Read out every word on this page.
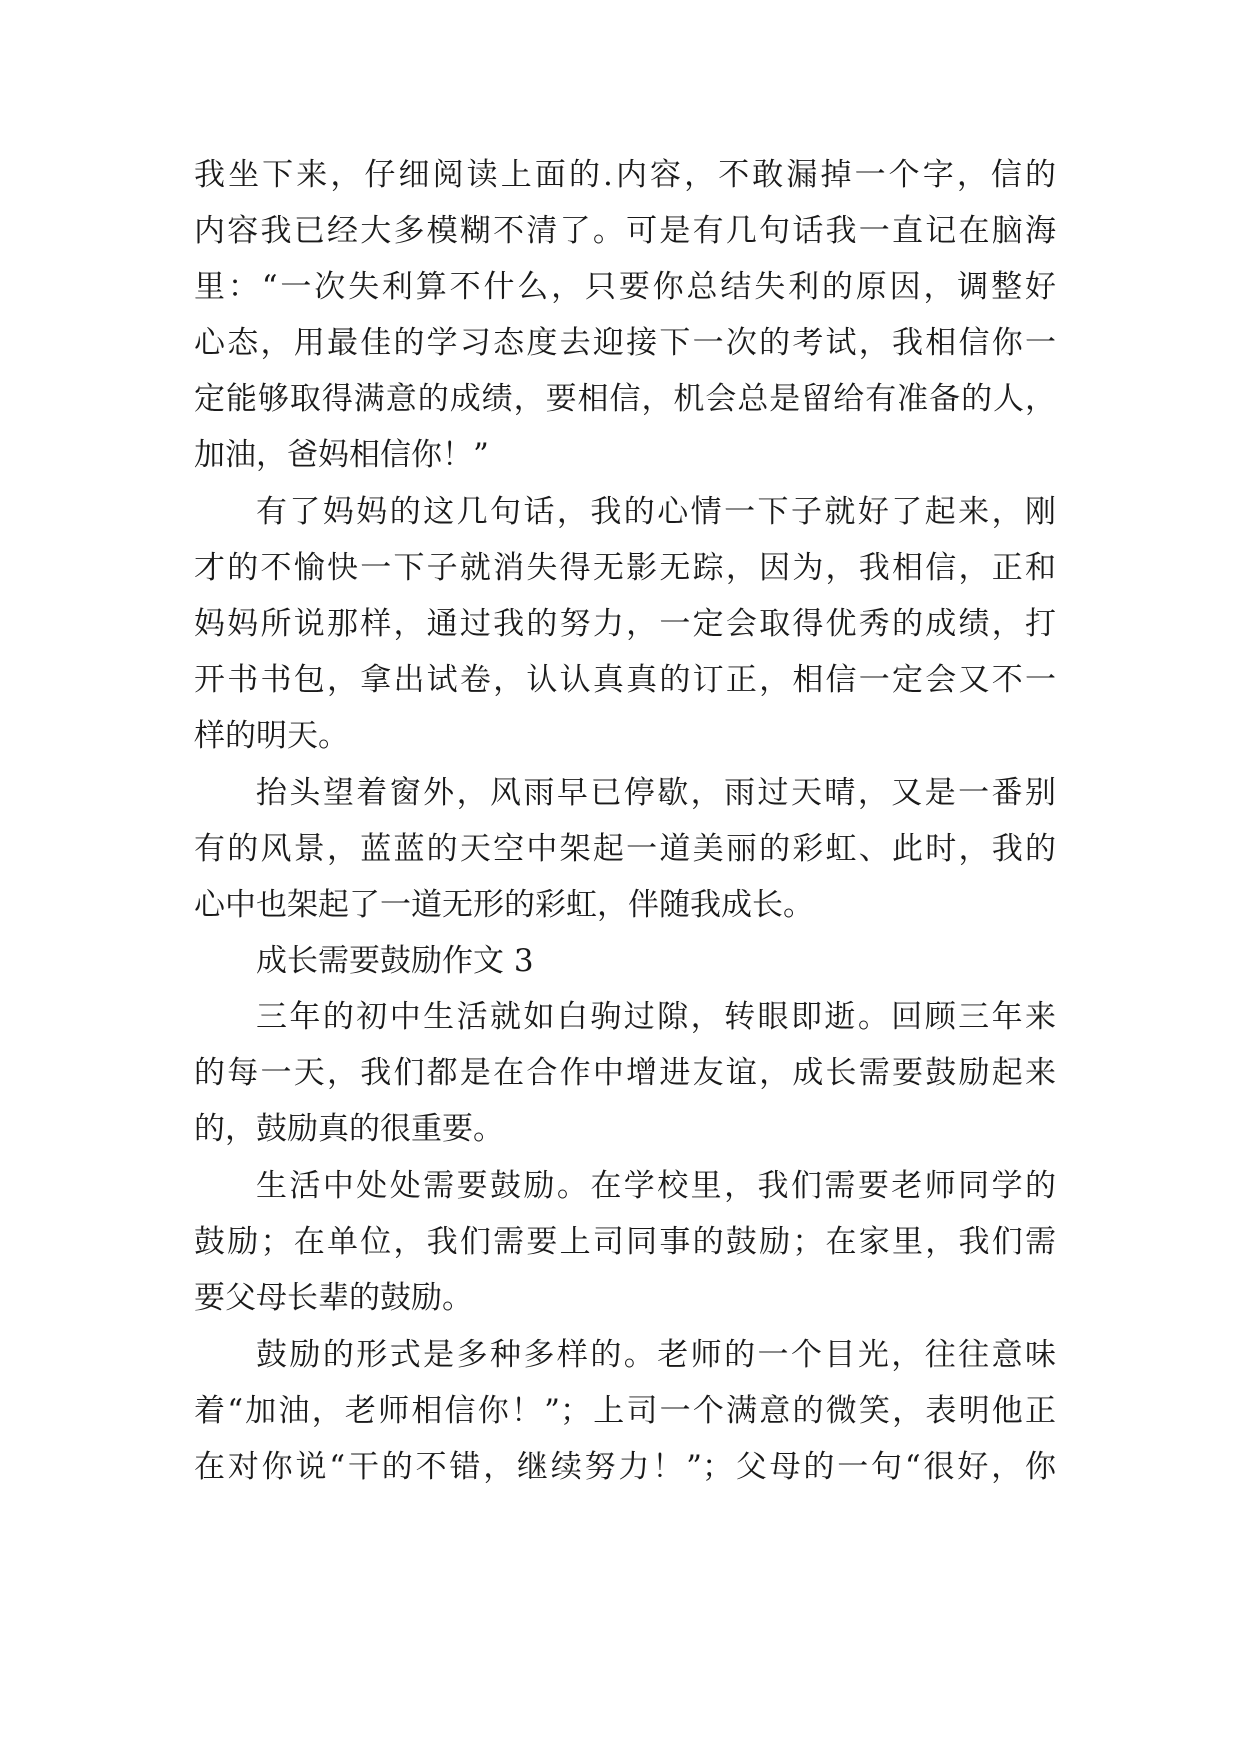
我坐下来，仔细阅读上面的.内容，不敢漏掉一个字，信的
内容我已经大多模糊不清了。可是有几句话我一直记在脑海
里：“一次失利算不什么，只要你总结失利的原因，调整好
心态，用最佳的学习态度去迎接下一次的考试，我相信你一
定能够取得满意的成绩，要相信，机会总是留给有准备的人，
加油，爸妈相信你！”
有了妈妈的这几句话，我的心情一下子就好了起来，刚
才的不愉快一下子就消失得无影无踪，因为，我相信，正和
妈妈所说那样，通过我的努力，一定会取得优秀的成绩，打
开书书包，拿出试卷，认认真真的订正，相信一定会又不一
样的明天。
抬头望着窗外，风雨早已停歇，雨过天晴，又是一番别
有的风景，蓝蓝的天空中架起一道美丽的彩虹、此时，我的
心中也架起了一道无形的彩虹，伴随我成长。
成长需要鼓励作文 3
三年的初中生活就如白驹过隙，转眼即逝。回顾三年来
的每一天，我们都是在合作中增进友谊，成长需要鼓励起来
的，鼓励真的很重要。
生活中处处需要鼓励。在学校里，我们需要老师同学的
鼓励；在单位，我们需要上司同事的鼓励；在家里，我们需
要父母长辈的鼓励。
鼓励的形式是多种多样的。老师的一个目光，往往意味
着“加油，老师相信你！”；上司一个满意的微笑，表明他正
在对你说“干的不错，继续努力！”；父母的一句“很好，你
